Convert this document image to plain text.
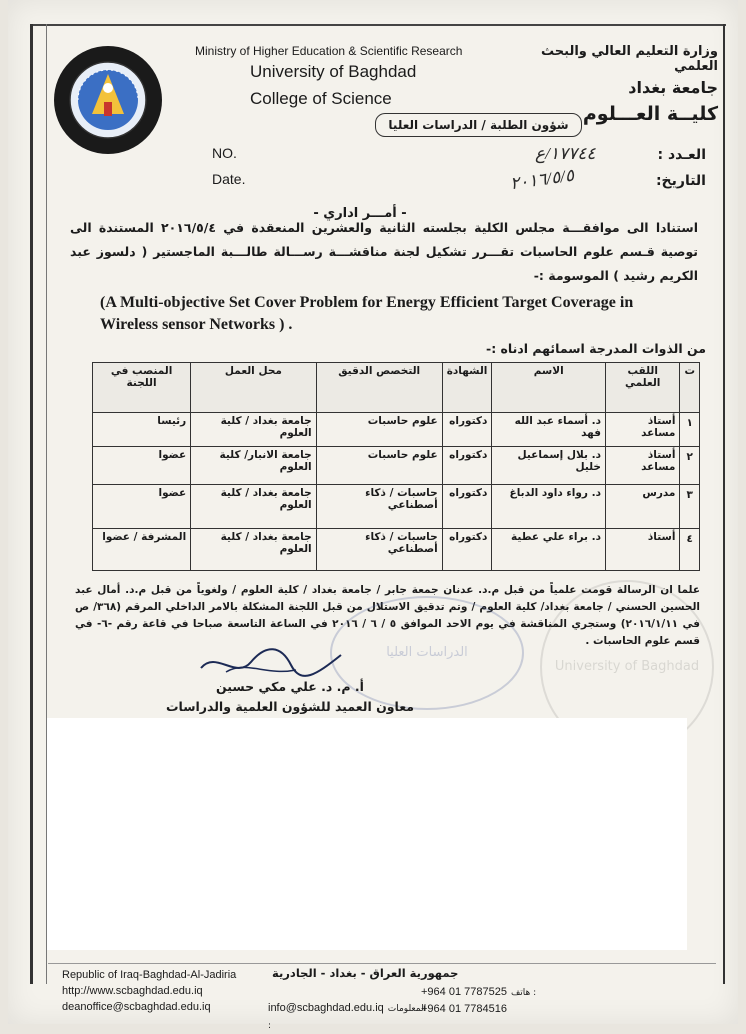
Ministry of Higher Education & Scientific Research
University of Baghdad
College of Science
وزارة التعليم العالي والبحث العلمي
جامعة بغداد
كليــة العـــلوم
شؤون الطلبة / الدراسات العليا
NO.
Date.
العـدد :
التاريخ:
١٧٧٤٤/ع
٢٠١٦/٥/٥
- أمـــر اداري -
استنادا الى موافقـــة مجلس الكلية بجلسته الثانية والعشرين المنعقدة في ٢٠١٦/٥/٤ المستندة الى توصية قـسم علوم الحاسبات تقـــرر تشكيل لجنة مناقشـــة رســـالة طالـــبة الماجستير ( دلسوز عبد الكريم رشيد ) الموسومة :-
(A Multi-objective Set Cover Problem for Energy Efficient Target Coverage in Wireless sensor Networks ) .
من الذوات المدرجة اسمائهم ادناه :-
ت	اللقب العلمي	الاسم	الشهادة	التخصص الدقيق	محل العمل	المنصب في اللجنة
١	أستاذ مساعد	د. أسماء عبد الله فهد	دكتوراه	علوم حاسبات	جامعة بغداد / كلية العلوم	رئيسا
٢	أستاذ مساعد	د. بلال إسماعيل خليل	دكتوراه	علوم حاسبات	جامعة الانبار/ كلية العلوم	عضوا
٣	مدرس	د. رواء داود الدباغ	دكتوراه	حاسبات / ذكاء أصطناعي	جامعة بغداد / كلية العلوم	عضوا
٤	أستاذ	د. براء علي عطية	دكتوراه	حاسبات / ذكاء أصطناعي	جامعة بغداد / كلية العلوم	المشرفة / عضوا
علما ان الرسالة قومت علمياً من قبل م.د. عدنان جمعة جابر / جامعة بغداد / كلية العلوم / ولغوياً من قبل م.د. أمال عبد الحسين الحسني / جامعة بغداد/ كلية العلوم / وتم تدقيق الاستلال من قبل اللجنة المشكلة بالامر الداخلي المرقم (٣٦٨/ ص في ٢٠١٦/١/١١) وستجري المناقشة في يوم الاحد الموافق ٥ / ٦ / ٢٠١٦ في الساعة التاسعة صباحا في قاعة رقم -٦- في قسم علوم الحاسبات .
University of Baghdad
الدراسات العليا
أ. م. د. علي مكي حسين
معاون العميد للشؤون العلمية والدراسات
Republic of Iraq-Baghdad-Al-Jadiria
http://www.scbaghdad.edu.iq
deanoffice@scbaghdad.edu.iq
جمهورية العراق - بغداد - الجادرية
+964 01 7787525 هاتف :
+964 01 7784516
info@scbaghdad.edu.iq المعلومات :
